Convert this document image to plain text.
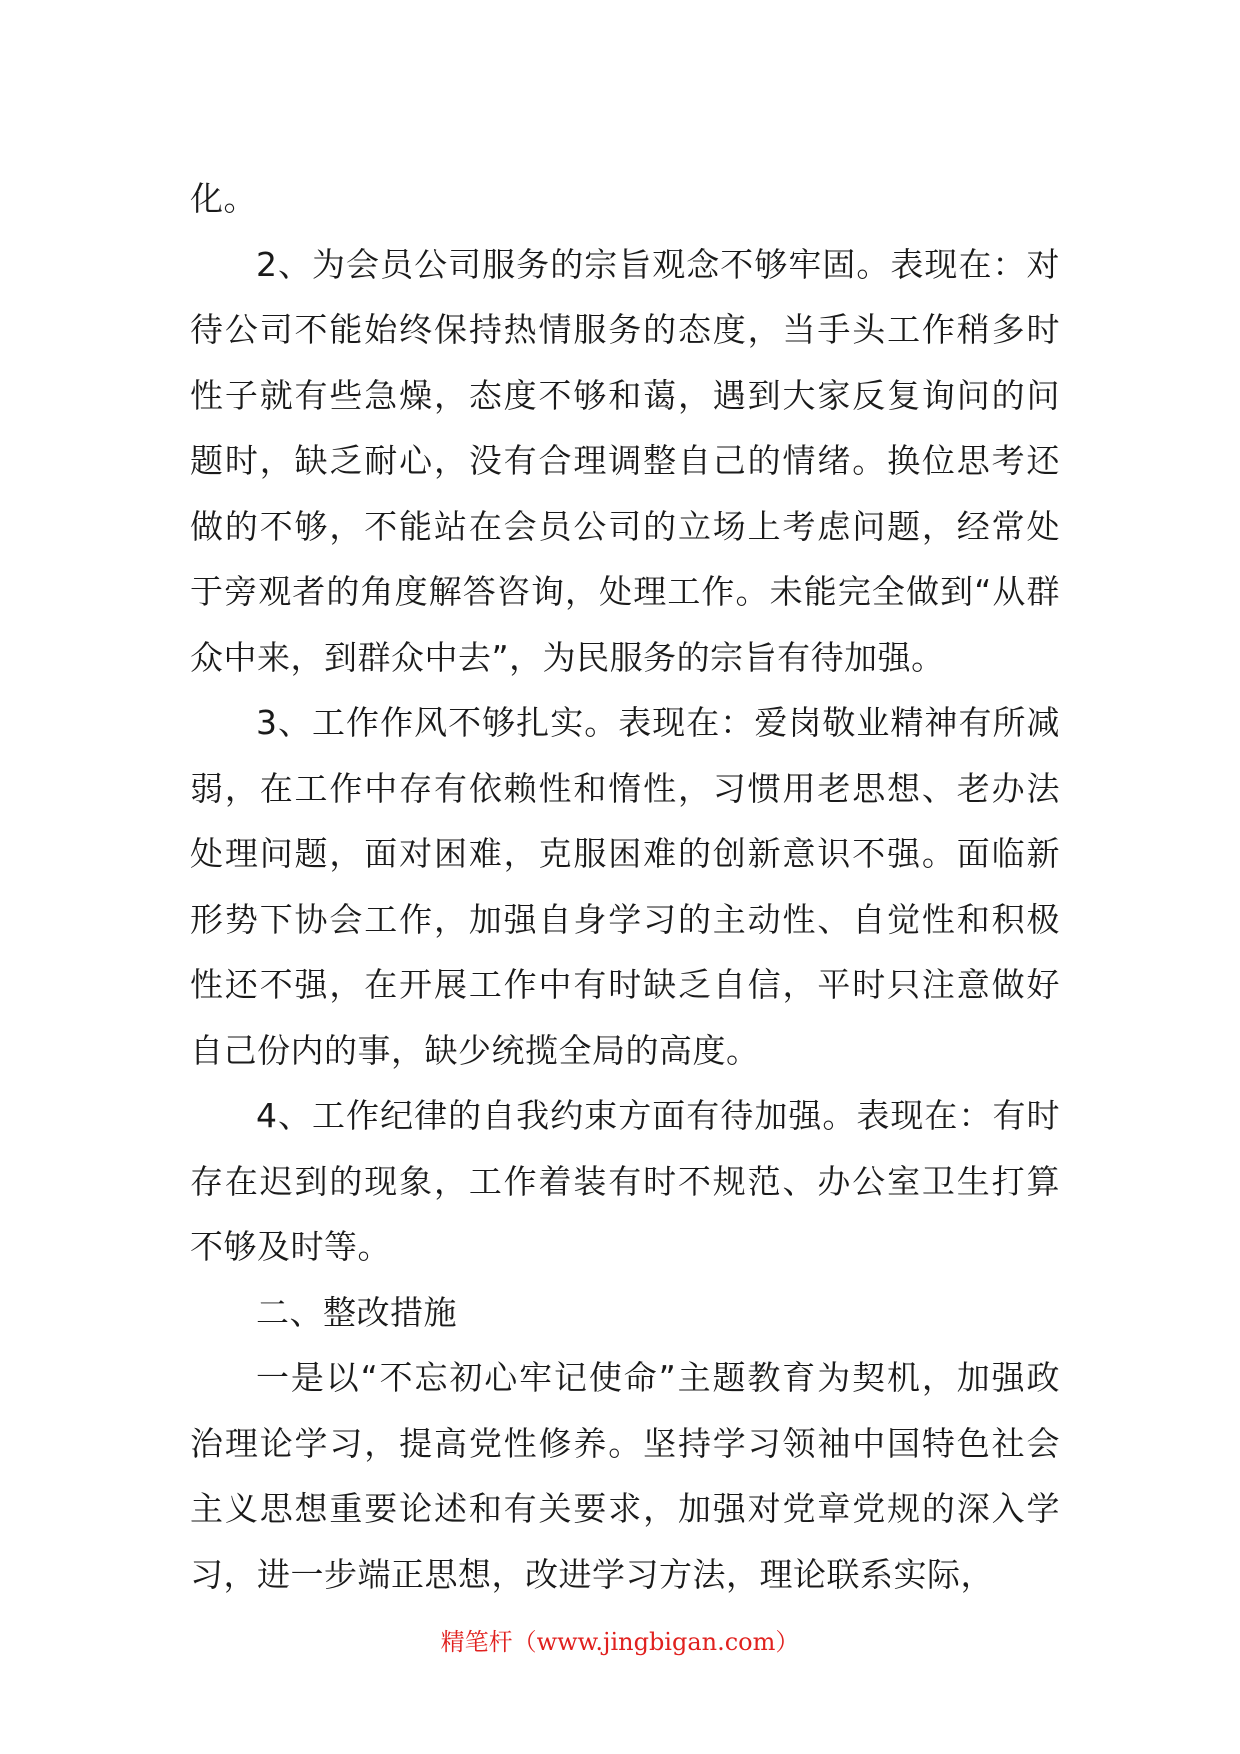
化。

2、为会员公司服务的宗旨观念不够牢固。表现在：对待公司不能始终保持热情服务的态度，当手头工作稍多时性子就有些急燥，态度不够和蔼，遇到大家反复询问的问题时，缺乏耐心，没有合理调整自己的情绪。换位思考还做的不够，不能站在会员公司的立场上考虑问题，经常处于旁观者的角度解答咨询，处理工作。未能完全做到“从群众中来，到群众中去”，为民服务的宗旨有待加强。

3、工作作风不够扎实。表现在：爱岗敬业精神有所减弱，在工作中存有依赖性和惰性，习惯用老思想、老办法处理问题，面对困难，克服困难的创新意识不强。面临新形势下协会工作，加强自身学习的主动性、自觉性和积极性还不强，在开展工作中有时缺乏自信，平时只注意做好自己份内的事，缺少统揽全局的高度。

4、工作纪律的自我约束方面有待加强。表现在：有时存在迟到的现象，工作着装有时不规范、办公室卫生打算不够及时等。

二、整改措施

一是以“不忘初心牢记使命”主题教育为契机，加强政治理论学习，提高党性修养。坚持学习领袖中国特色社会主义思想重要论述和有关要求，加强对党章党规的深入学习，进一步端正思想，改进学习方法，理论联系实际，

精笔杆（www.jingbigan.com）
